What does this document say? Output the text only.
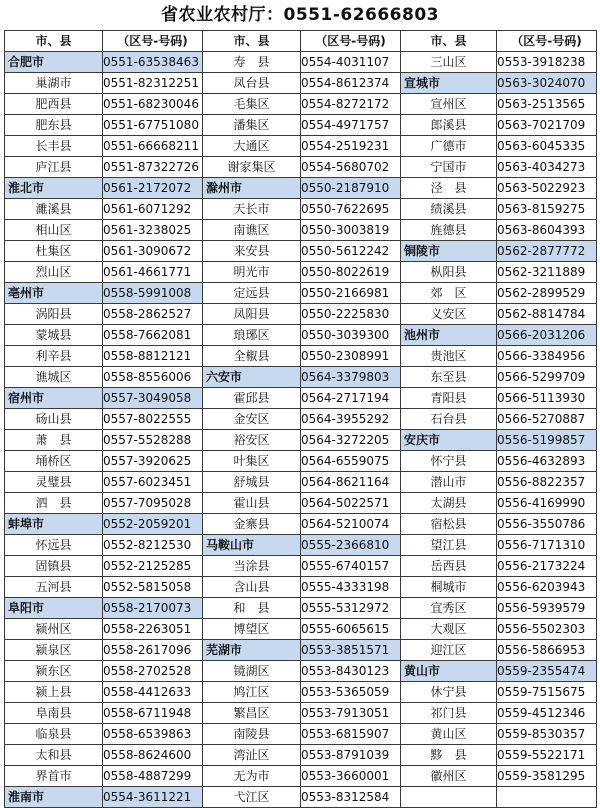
省农业农村厅：0551-62666803
市、县	（区号-号码)	市、县	（区号-号码)	市、县	（区号-号码)
合肥市	0551-63538463	寿　县	0554-4031107	三山区	0553-3918238
巢湖市	0551-82312251	凤台县	0554-8612374	宣城市	0563-3024070
肥西县	0551-68230046	毛集区	0554-8272172	宣州区	0563-2513565
肥东县	0551-67751080	潘集区	0554-4971757	郎溪县	0563-7021709
长丰县	0551-66668211	大通区	0554-2519231	广德市	0563-6045335
庐江县	0551-87322726	谢家集区	0554-5680702	宁国市	0563-4034273
淮北市	0561-2172072	滁州市	0550-2187910	泾　县	0563-5022923
濉溪县	0561-6071292	天长市	0550-7622695	绩溪县	0563-8159275
相山区	0561-3238025	南谯区	0550-3003819	旌德县	0563-8604393
杜集区	0561-3090672	来安县	0550-5612242	铜陵市	0562-2877772
烈山区	0561-4661771	明光市	0550-8022619	枞阳县	0562-3211889
亳州市	0558-5991008	定远县	0550-2166981	郊　区	0562-2899529
涡阳县	0558-2862527	凤阳县	0550-2225830	义安区	0562-8814784
蒙城县	0558-7662081	琅琊区	0550-3039300	池州市	0566-2031206
利辛县	0558-8812121	全椒县	0550-2308991	贵池区	0566-3384956
谯城区	0558-8556006	六安市	0564-3379803	东至县	0566-5299709
宿州市	0557-3049058	霍邱县	0564-2717194	青阳县	0566-5113930
砀山县	0557-8022555	金安区	0564-3955292	石台县	0566-5270887
萧　县	0557-5528288	裕安区	0564-3272205	安庆市	0556-5199857
埇桥区	0557-3920625	叶集区	0564-6559075	怀宁县	0556-4632893
灵璧县	0557-6023451	舒城县	0564-8621164	潜山市	0556-8822357
泗　县	0557-7095028	霍山县	0564-5022571	太湖县	0556-4169990
蚌埠市	0552-2059201	金寨县	0564-5210074	宿松县	0556-3550786
怀远县	0552-8212530	马鞍山市	0555-2366810	望江县	0556-7171310
固镇县	0552-2125285	当涂县	0555-6740157	岳西县	0556-2173224
五河县	0552-5815058	含山县	0555-4333198	桐城市	0556-6203943
阜阳市	0558-2170073	和　县	0555-5312972	宜秀区	0556-5939579
颍州区	0558-2263051	博望区	0555-6065615	大观区	0556-5502303
颍泉区	0558-2617096	芜湖市	0553-3851571	迎江区	0556-5866953
颍东区	0558-2702528	镜湖区	0553-8430123	黄山市	0559-2355474
颍上县	0558-4412633	鸠江区	0553-5365059	休宁县	0559-7515675
阜南县	0558-6711948	繁昌区	0553-7913051	祁门县	0559-4512346
临泉县	0558-6539863	南陵县	0553-6815907	黄山区	0559-8530357
太和县	0558-8624600	湾沚区	0553-8791039	黟　县	0559-5522171
界首市	0558-4887299	无为市	0553-3660001	徽州区	0559-3581295
淮南市	0554-3611221	弋江区	0553-8312584		
